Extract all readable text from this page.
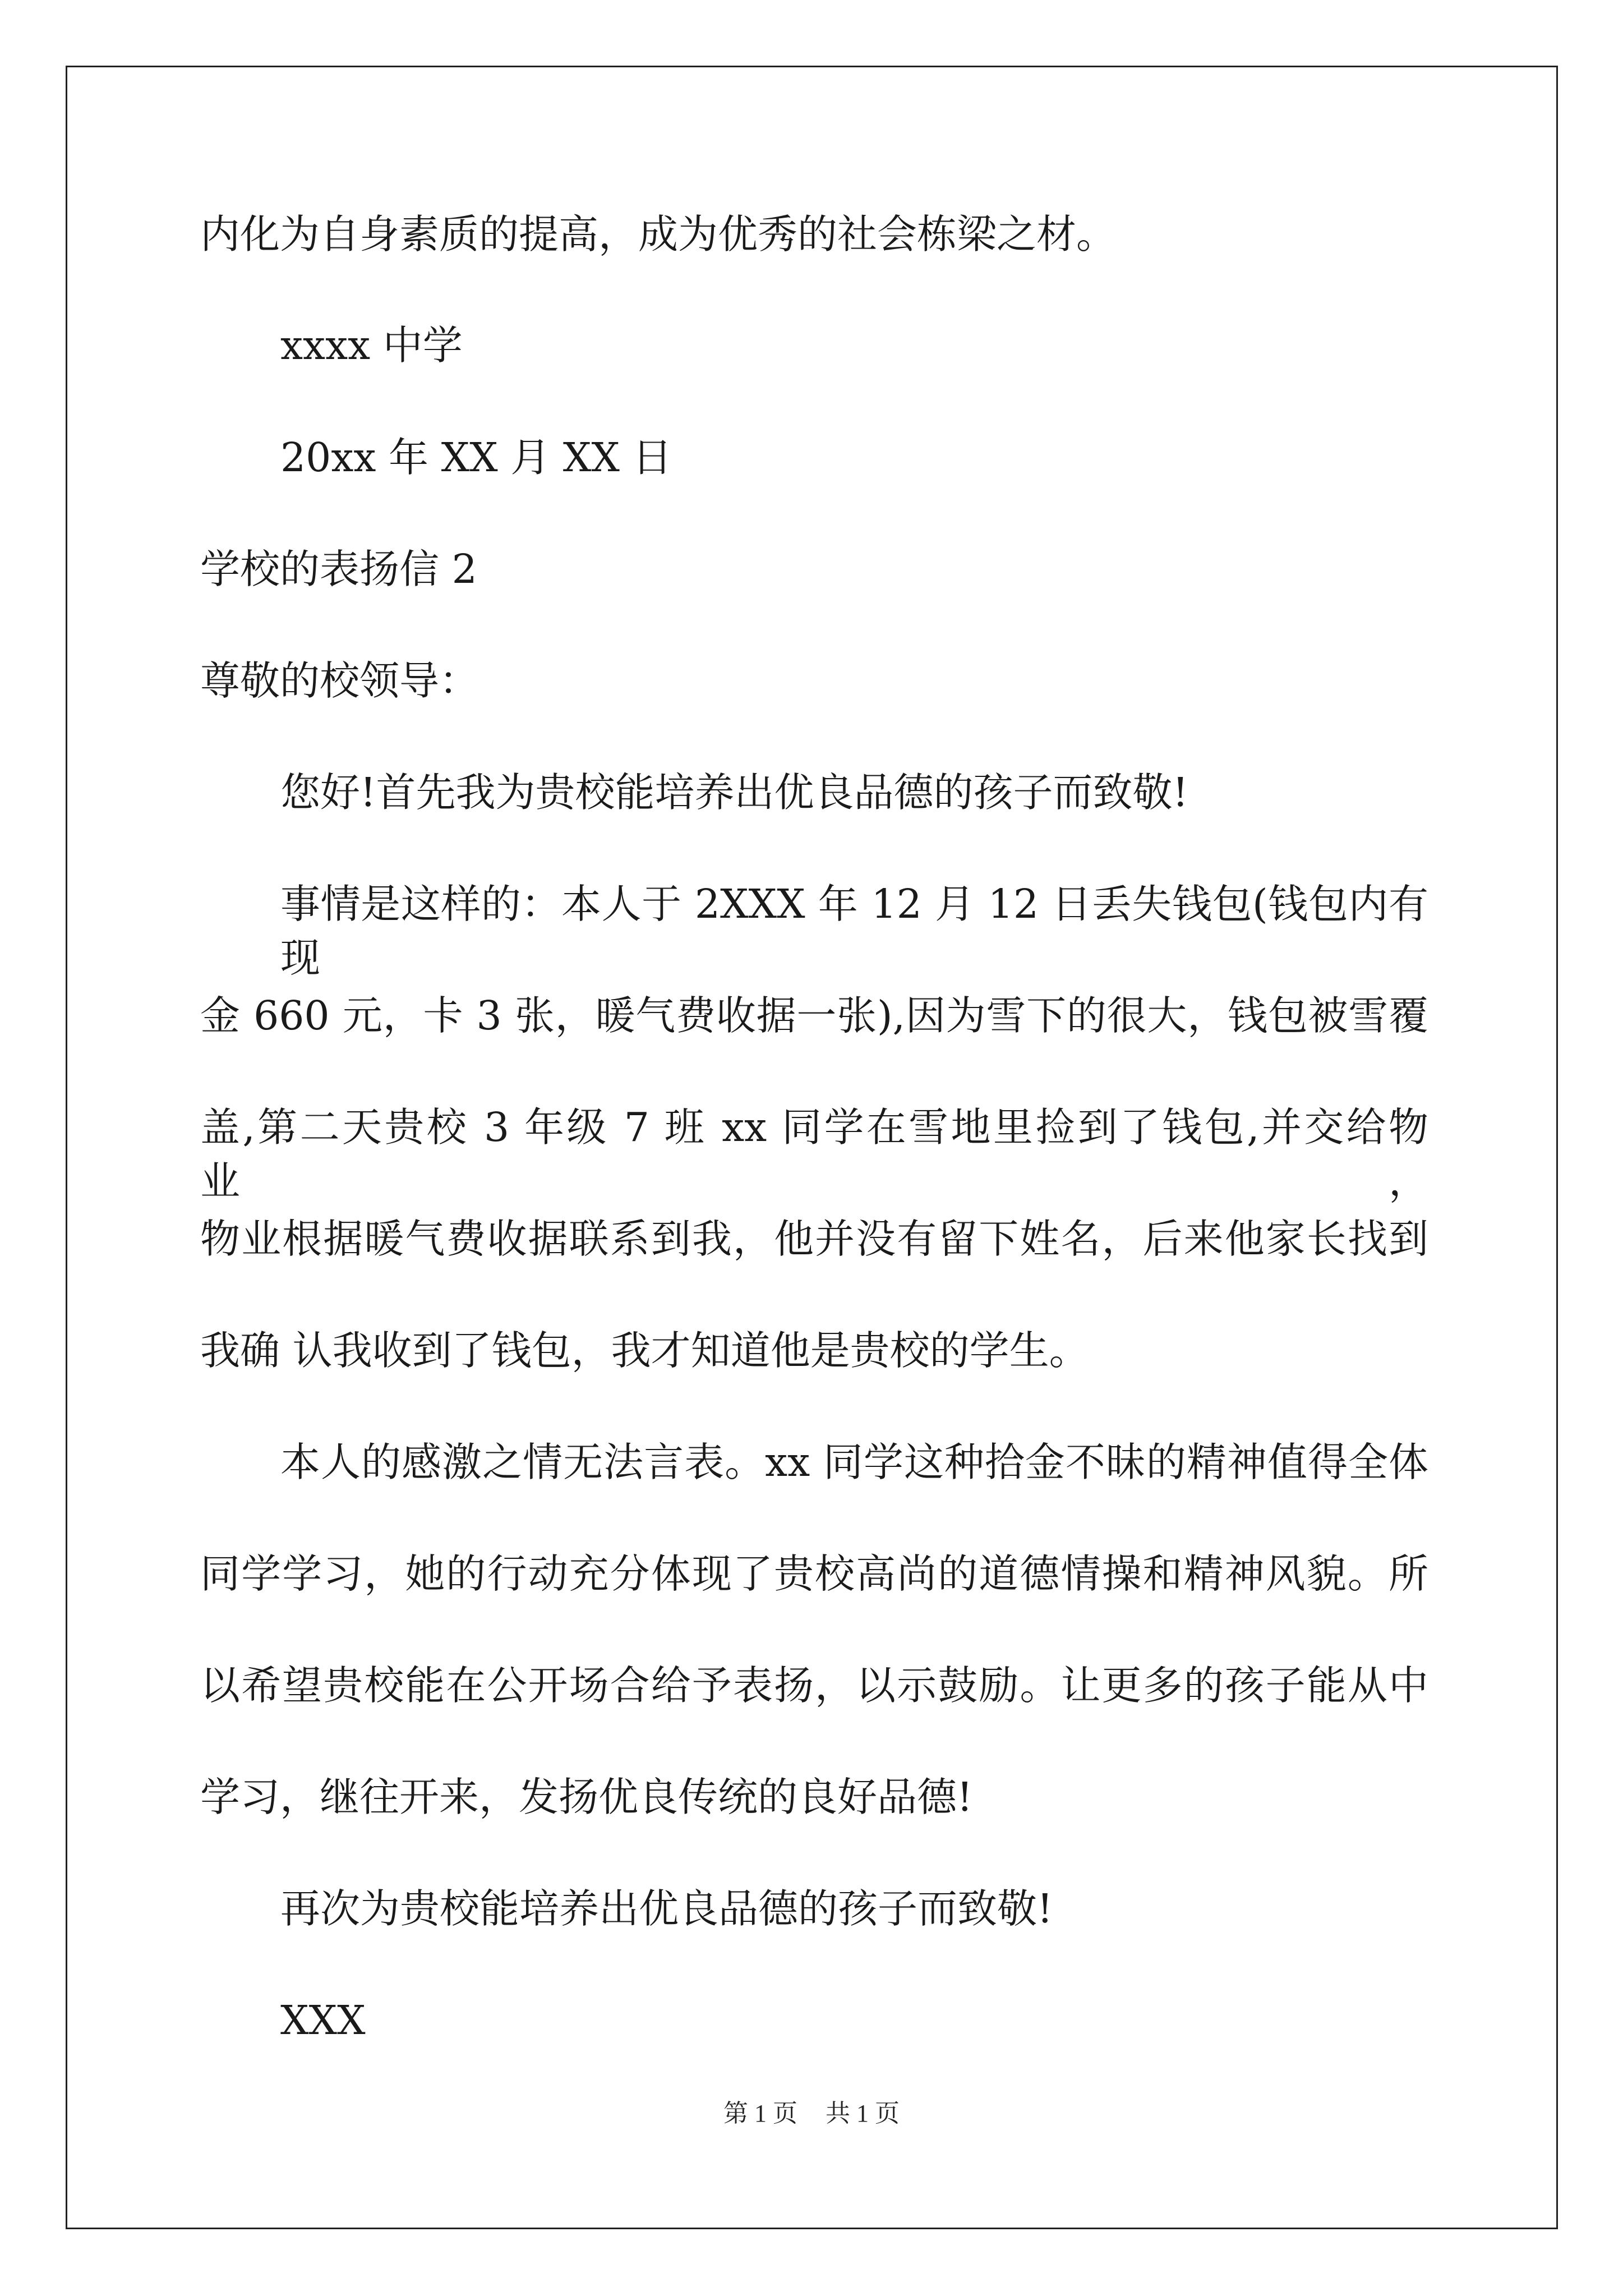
内化为自身素质的提高，成为优秀的社会栋梁之材。
xxxx 中学
20xx 年 XX 月 XX 日
学校的表扬信 2
尊敬的校领导：
您好!首先我为贵校能培养出优良品德的孩子而致敬!
事情是这样的：本人于 2XXX 年 12 月 12 日丢失钱包(钱包内有现
金 660 元，卡 3 张，暖气费收据一张),因为雪下的很大，钱包被雪覆
盖,第二天贵校 3 年级 7 班 xx 同学在雪地里捡到了钱包,并交给物业，
物业根据暖气费收据联系到我，他并没有留下姓名，后来他家长找到
我确 认我收到了钱包，我才知道他是贵校的学生。
本人的感激之情无法言表。xx 同学这种拾金不昧的精神值得全体
同学学习，她的行动充分体现了贵校高尚的道德情操和精神风貌。所
以希望贵校能在公开场合给予表扬，以示鼓励。让更多的孩子能从中
学习，继往开来，发扬优良传统的良好品德!
再次为贵校能培养出优良品德的孩子而致敬!
XXX
第 1 页 共 1 页
